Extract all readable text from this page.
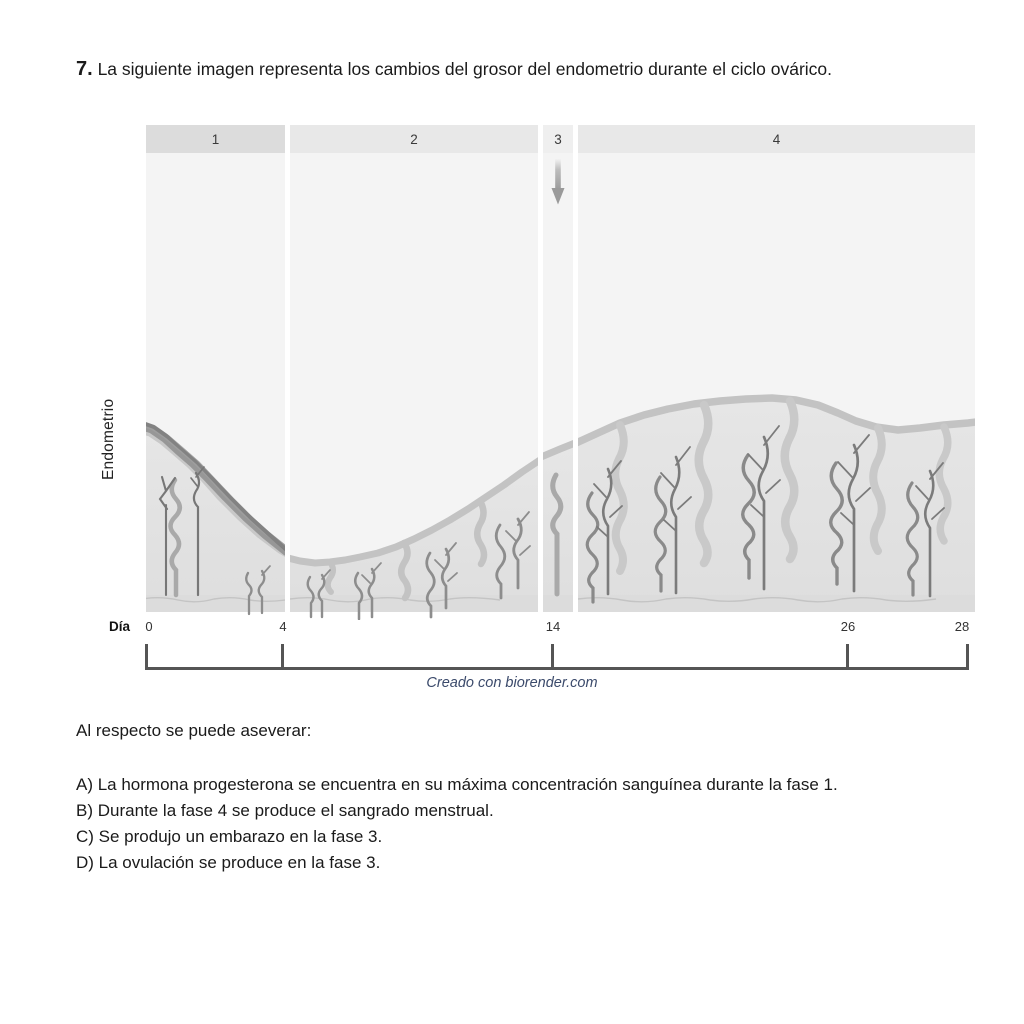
7. La siguiente imagen representa los cambios del grosor del endometrio durante el ciclo ovárico.
1	2	3	4
Endometrio
Día 0	4	14	26	28
Creado con biorender.com

Al respecto se puede aseverar:

A) La hormona progesterona se encuentra en su máxima concentración sanguínea durante la fase 1.

B) Durante la fase 4 se produce el sangrado menstrual.

C) Se produjo un embarazo en la fase 3.

D) La ovulación se produce en la fase 3.
